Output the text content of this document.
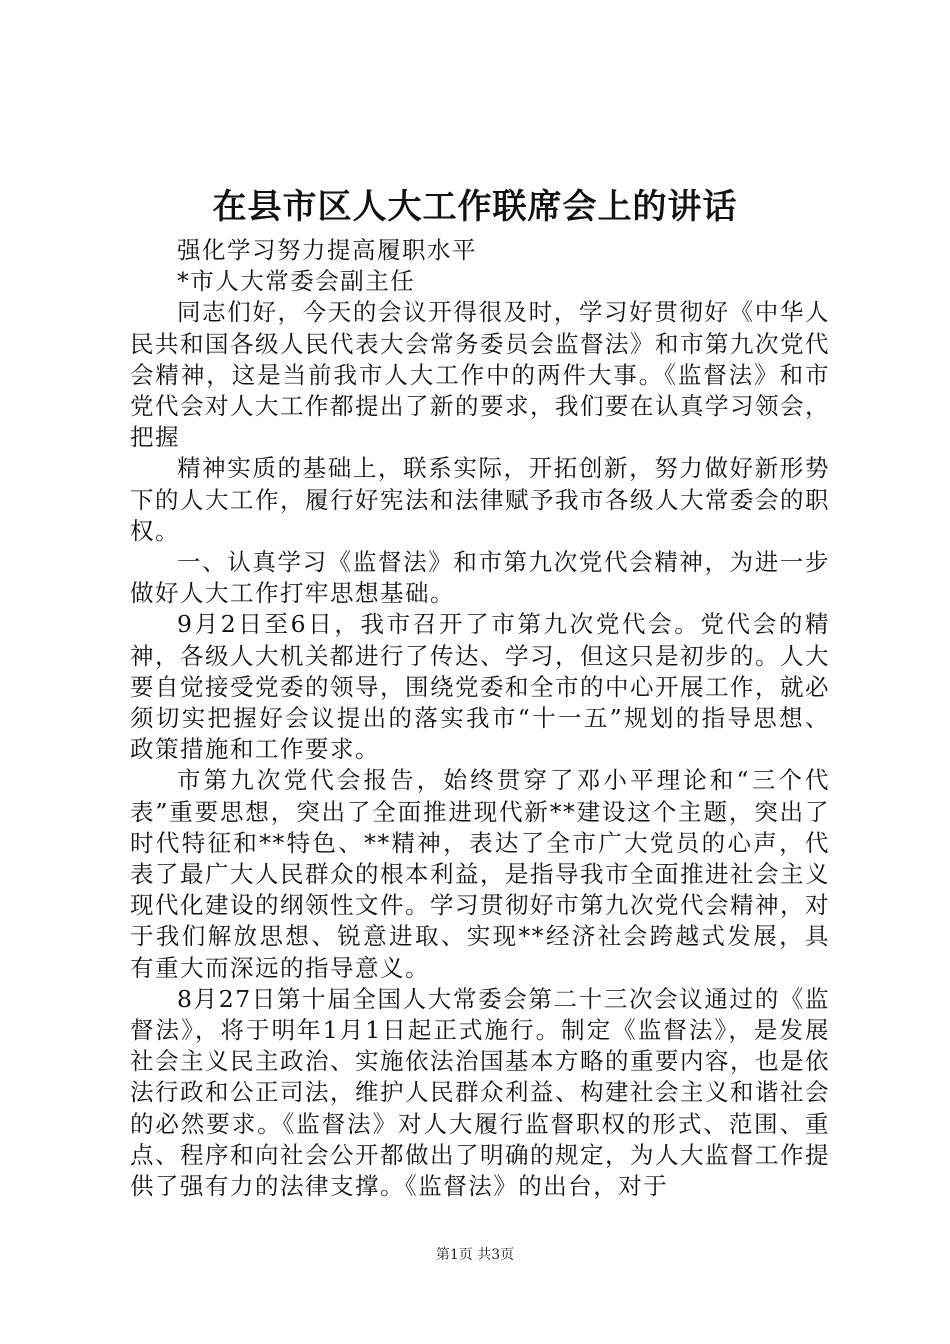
在县市区人大工作联席会上的讲话

强化学习努力提高履职水平

*市人大常委会副主任

同志们好，今天的会议开得很及时，学习好贯彻好《中华人民共和国各级人民代表大会常务委员会监督法》和市第九次党代会精神，这是当前我市人大工作中的两件大事。《监督法》和市党代会对人大工作都提出了新的要求，我们要在认真学习领会，把握

精神实质的基础上，联系实际，开拓创新，努力做好新形势下的人大工作，履行好宪法和法律赋予我市各级人大常委会的职权。

一、认真学习《监督法》和市第九次党代会精神，为进一步做好人大工作打牢思想基础。

9月2日至6日，我市召开了市第九次党代会。党代会的精神，各级人大机关都进行了传达、学习，但这只是初步的。人大要自觉接受党委的领导，围绕党委和全市的中心开展工作，就必须切实把握好会议提出的落实我市“十一五”规划的指导思想、政策措施和工作要求。

市第九次党代会报告，始终贯穿了邓小平理论和“三个代表”重要思想，突出了全面推进现代新**建设这个主题，突出了时代特征和**特色、**精神，表达了全市广大党员的心声，代表了最广大人民群众的根本利益，是指导我市全面推进社会主义现代化建设的纲领性文件。学习贯彻好市第九次党代会精神，对于我们解放思想、锐意进取、实现**经济社会跨越式发展，具有重大而深远的指导意义。

8月27日第十届全国人大常委会第二十三次会议通过的《监督法》，将于明年1月1日起正式施行。制定《监督法》，是发展社会主义民主政治、实施依法治国基本方略的重要内容，也是依法行政和公正司法，维护人民群众利益、构建社会主义和谐社会的必然要求。《监督法》对人大履行监督职权的形式、范围、重点、程序和向社会公开都做出了明确的规定，为人大监督工作提供了强有力的法律支撑。《监督法》的出台，对于

第1页 共3页
